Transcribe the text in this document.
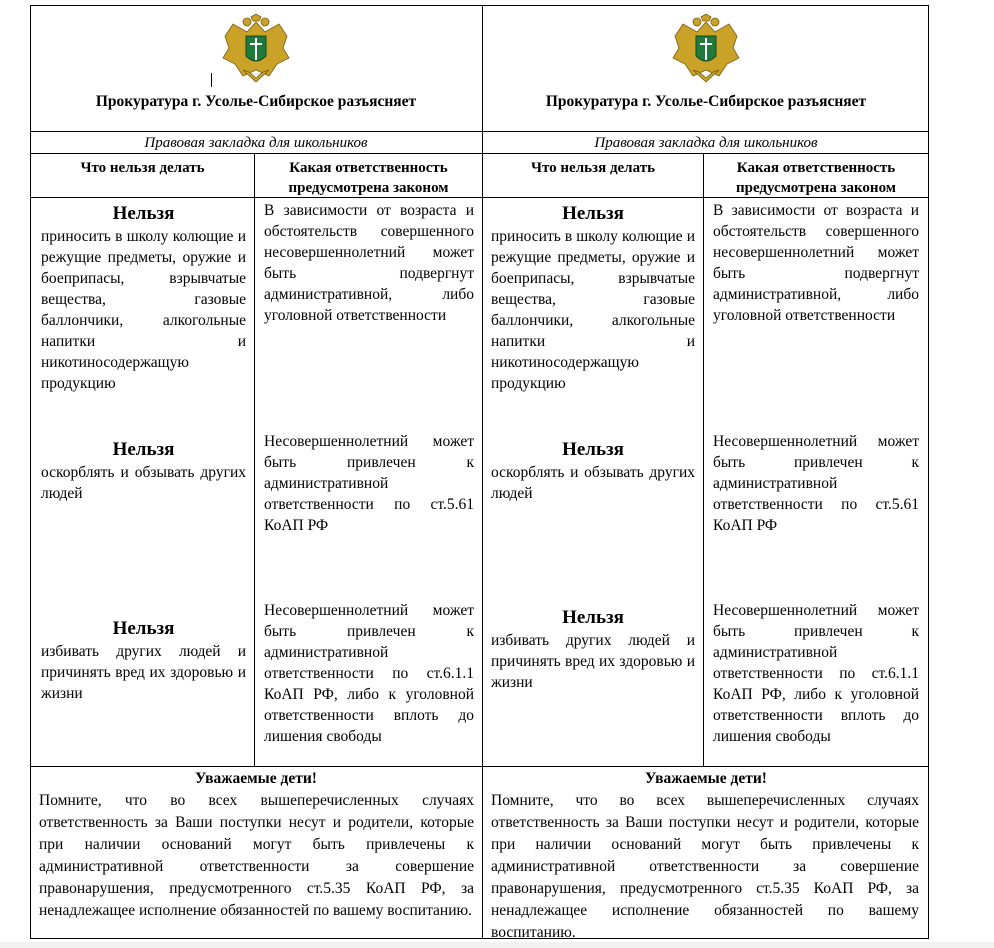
Прокуратура г. Усолье-Сибирское разъясняет
Правовая закладка для школьников
Что нельзя делать	Какая ответственность предусмотрена законом
Нельзя

приносить в школу колющие и режущие предметы, оружие и боеприпасы, взрывчатые вещества, газовые баллончики, алкогольные напитки и никотиносодержащую продукцию

В зависимости от возраста и обстоятельств совершенного несовершеннолетний может быть подвергнут административной, либо уголовной ответственности
Нельзя

оскорблять и обзывать других людей

Несовершеннолетний может быть привлечен к административной ответственности по ст.5.61 КоАП РФ
Нельзя

избивать других людей и причинять вред их здоровью и жизни

Несовершеннолетний может быть привлечен к административной ответственности по ст.6.1.1 КоАП РФ, либо к уголовной ответственности вплоть до лишения свободы
Уважаемые дети!
Помните, что во всех вышеперечисленных случаях ответственность за Ваши поступки несут и родители, которые при наличии оснований могут быть привлечены к административной ответственности за совершение правонарушения, предусмотренного ст.5.35 КоАП РФ, за ненадлежащее исполнение обязанностей по вашему воспитанию.
Прокуратура г. Усолье-Сибирское разъясняет
Правовая закладка для школьников
Что нельзя делать	Какая ответственность предусмотрена законом
Нельзя

приносить в школу колющие и режущие предметы, оружие и боеприпасы, взрывчатые вещества, газовые баллончики, алкогольные напитки и никотиносодержащую продукцию

В зависимости от возраста и обстоятельств совершенного несовершеннолетний может быть подвергнут административной, либо уголовной ответственности
Нельзя

оскорблять и обзывать других людей

Несовершеннолетний может быть привлечен к административной ответственности по ст.5.61 КоАП РФ
Нельзя

избивать других людей и причинять вред их здоровью и жизни

Несовершеннолетний может быть привлечен к административной ответственности по ст.6.1.1 КоАП РФ, либо к уголовной ответственности вплоть до лишения свободы
Уважаемые дети!
Помните, что во всех вышеперечисленных случаях ответственность за Ваши поступки несут и родители, которые при наличии оснований могут быть привлечены к административной ответственности за совершение правонарушения, предусмотренного ст.5.35 КоАП РФ, за ненадлежащее исполнение обязанностей по вашему воспитанию.
